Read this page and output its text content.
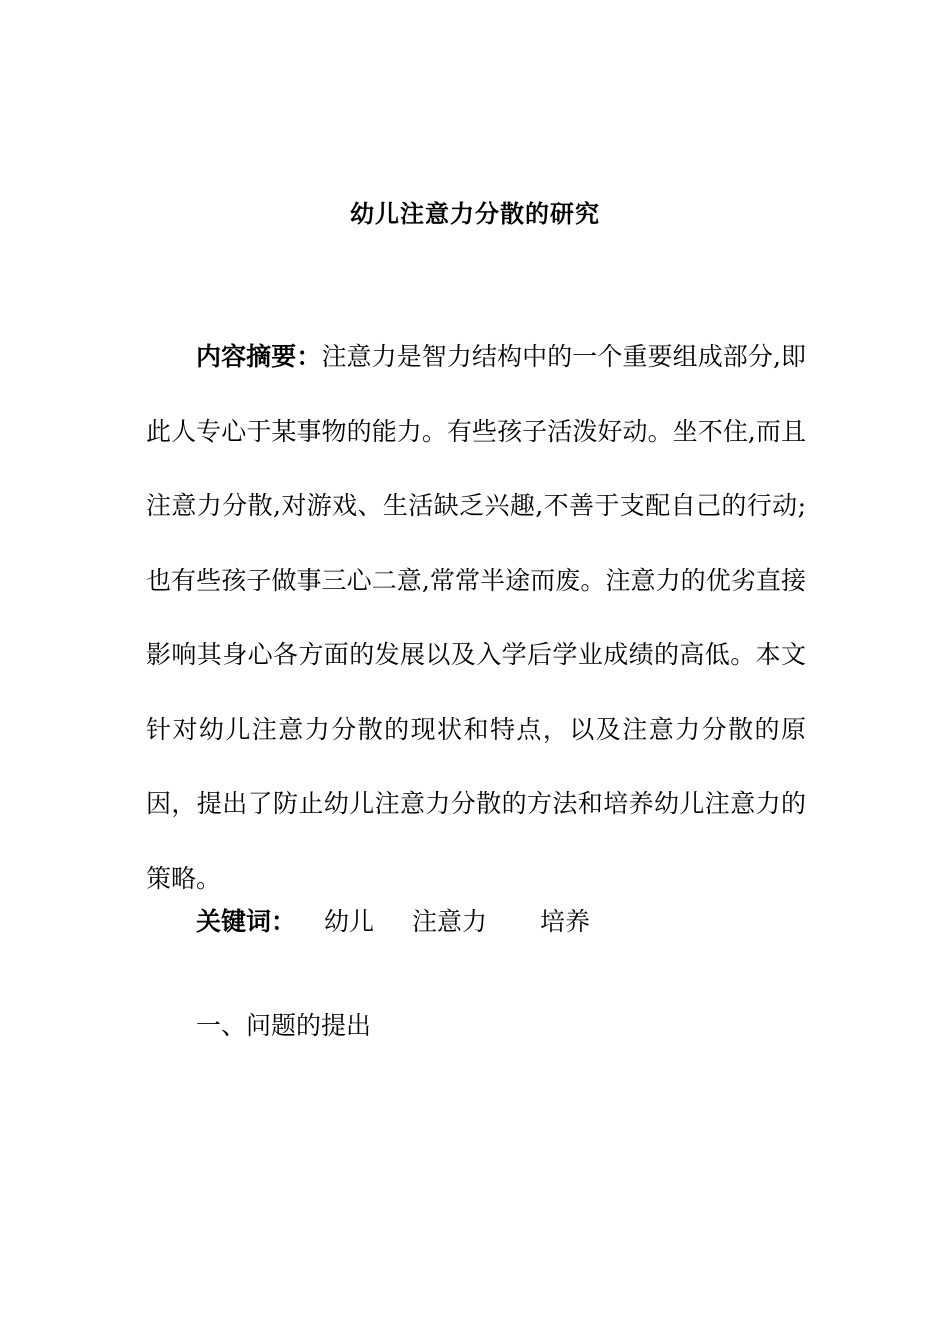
幼儿注意力分散的研究

内容摘要：注意力是智力结构中的一个重要组成部分,即此人专心于某事物的能力。有些孩子活泼好动。坐不住,而且注意力分散,对游戏、生活缺乏兴趣,不善于支配自己的行动;也有些孩子做事三心二意,常常半途而废。注意力的优劣直接影响其身心各方面的发展以及入学后学业成绩的高低。本文针对幼儿注意力分散的现状和特点，以及注意力分散的原因，提出了防止幼儿注意力分散的方法和培养幼儿注意力的策略。

关键词： 幼儿 注意力 培养
一、问题的提出
